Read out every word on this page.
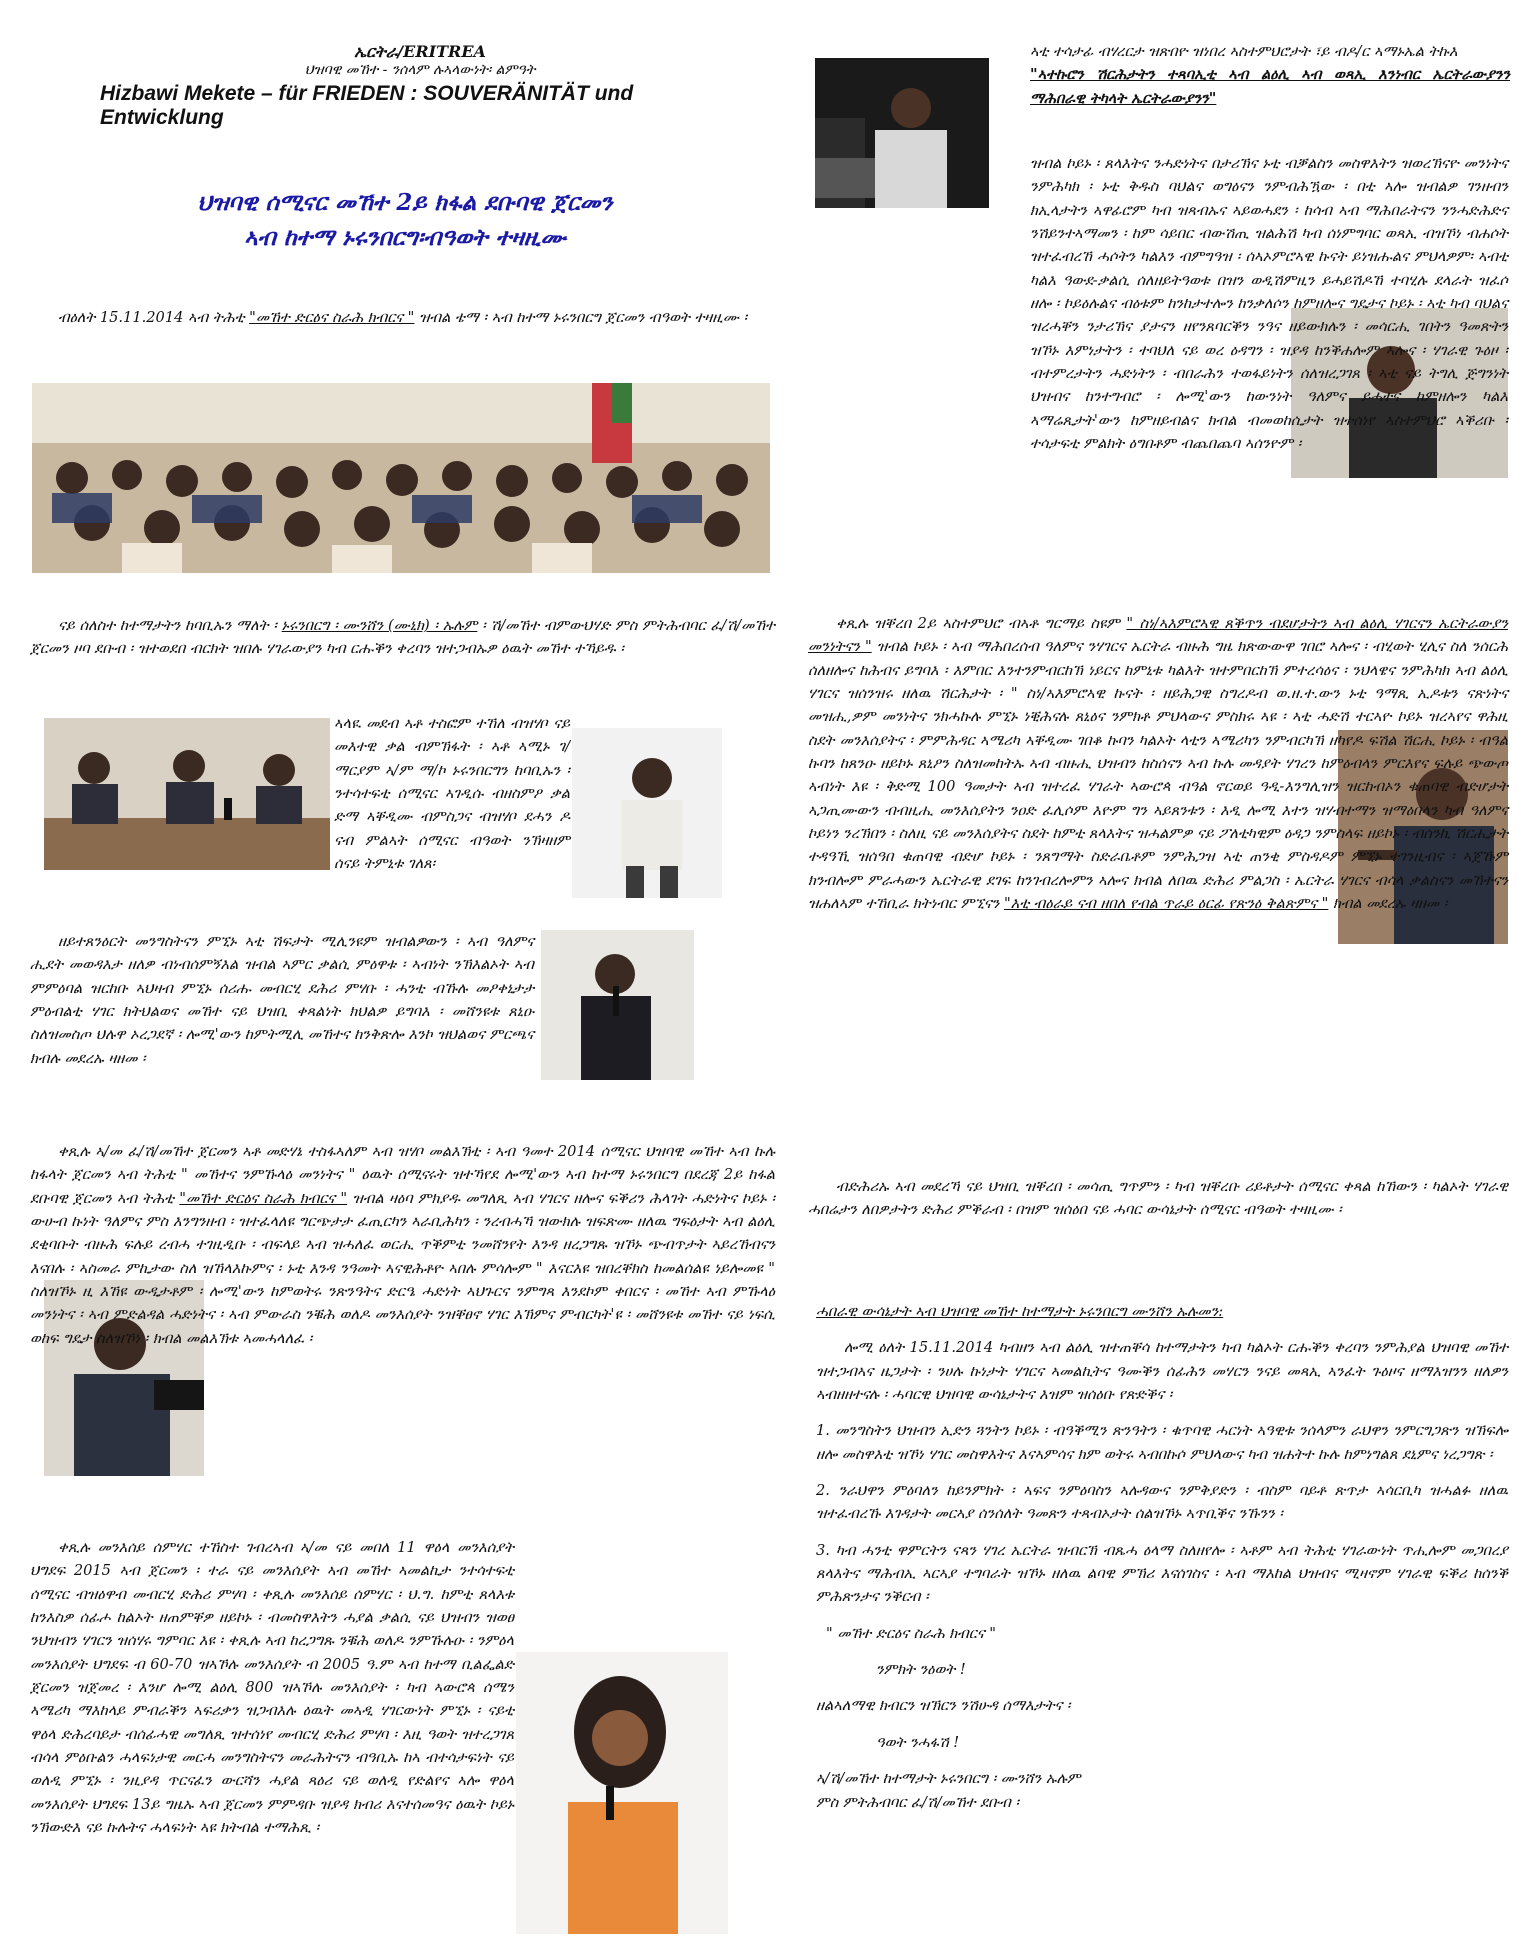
ኤርትራ/ERITREA
ህዝባዊ መኸተ - ንሰላም ሉኣላውነት፡ ልምዓት
Hizbawi Mekete – für FRIEDEN : SOUVERÄNITÄT und Entwicklung
ህዝባዊ ሰሚናር መኸተ 2ይ ክፋል ደቡባዊ ጀርመን
ኣብ ከተማ ኑሩንበርግ፡ብዓወት ተዛዚሙ

ብዕለት 15.11.2014 ኣብ ትሕቲ "መኸተ ድርዕና ስራሕ ክብርና " ዝብል ቴማ ፡ ኣብ ከተማ ኑሩንበርግ ጀርመን ብዓወት ተዛዚሙ ፡

ናይ ሰለስተ ከተማታትን ከባቢኡን ማለት ፡ ኑሩንበርግ ፡ ሙንሸን (ሙኒክ) ፡ ኡሉም ፡ ሽ/መኸተ ብምውህሃድ ምስ ምትሕብባር ፈ/ሽ/መኸተ ጀርመን ዞባ ደቡብ ፡ ዝተወደበ ብርክት ዝበሉ ሃገራውያን ካብ ርሑቕን ቀረባን ዝተጋብኡዎ ዕዉት መኸተ ተኻይዱ ፡

ኣላዪ መደብ ኣቶ ተስፎም ተኸለ ብዝሃቦ ናይ መእተዊ ቃል ብምኽፋት ፡ ኣቶ ኣሚኑ ገ/ማርያም ኣ/ም ማ/ኮ ኑሩንበርግን ከባቢኡን ፡ ንተሳተፍቲ ሰሚናር ኣገዲሱ ብዘስምዖ ቃል ድማ ኣቐዲሙ ብምስጋና ብዝሃቦ ደሓን ዶ ናብ ምልኣት ሰሚናር ብዓወት ንኽዛዘም ሰናይ ትምኒቱ ገለጸ፡

ዘይተጸንዕርት መንግስትናን ምኚኑ ኣቲ ሽፍታት ሚሊንዩም ዝብልዎውን ፡ ኣብ ዓለምና ሒደት መወዳእታ ዘለዎ ብነብሰምኝእል ዝብል ኣምር ቃልሲ ምዕዋቱ ፡ ኣብነት ንኽእልኦት ኣብ ምምዕባል ዝርከቡ ኣህዛብ ምኚኑ ሰሪሑ መብርሂ ደሕሪ ምሃቡ ፡ ሓንቲ ብኹሉ መዖቀኒታታ ምዕብልቲ ሃገር ክትህልወና መኸተ ናይ ህዝቢ ቀጻልነት ክህልዎ ይግባእ ፡ መሸንዩቱ ጸኒዑ ስለዝመስጦ ህሉዋ ኦረጋደኛ ፡ ሎሚ'ውን ከምትሚሊ መኸተና ከንቅጽሎ እንኮ ዝህልወና ምርጫና ክብሉ መደረኡ ዛዘመ ፡

ቀጺሉ ኣ/መ ፈ/ሽ/መኸተ ጀርመን ኣቶ መድሃኔ ተስፋኣለም ኣብ ዝሃቦ መልእኽቲ ፡ ኣብ ዓመተ 2014 ሰሚናር ህዝባዊ መኸተ ኣብ ኩሉ ከፋላት ጀርመን ኣብ ትሕቲ " መኸተና ንምኹላዕ መንነትና " ዕዉት ሰሚናሩት ዝተኻየደ ሎሚ'ውን ኣብ ከተማ ኑሩንበርግ በደረጃ 2ይ ከፋል ደቡባዊ ጀርመን ኣብ ትሕቲ "መኸተ ድርዕና ስራሕ ክብርና " ዝብል ዛዕባ ምክያዱ መግለጺ ኣብ ሃገርና ዘሎና ፍቕሪን ሕላገት ሓድነትና ኮይኑ ፡ ውሁብ ኩነት ዓለምና ምስ እንግንዘብ ፡ ዝተፈላለዩ ግርጭታታ ፈጢርካን ኣራቢሕካን ፡ ንረብሓኻ ዝውክሉ ዝፍጽሙ ዘለዉ ግፍዕታት ኣብ ልዕሊ ደቂባቡት ብዙሕ ፍሉይ ረብሓ ተገዚዲቡ ፡ ብፍላይ ኣብ ዝሓለፈ ወርሒ ጥቕምቲ ንመሸንየት እንዳ ዘረጋግጹ ዝኾኑ ጭብጥታት ኣይረኸብናን እናበሉ ፡ ኣስመራ ምኪታው ስለ ዝኸላእኩምና ፡ ኑቲ እንዳ ንዓመት ኣናዊሕቶዮ ኣበሉ ምሳሎም " እናርእዩ ዝበረቐክስ ከመልሰልዩ ነይሎመዩ " ስለዝኾኑ ዚ እኸዩ ውዲታቶም ፡ ሎሚ'ውን ከምወትሩ ንጽንዓትና ድርዔ ሓድነት ኣህጉርና ንምግጻ እንደኮም ቀበርና ፡ መኸተ ኣብ ምኹላዕ መንነትና ፡ ኣብ ምድልዳል ሓድነትና ፡ ኣብ ምውራስ ንቑሕ ወለዶ መንእሰያት ንዝቐፀኖ ሃገር እኽምና ምብርካት'ዩ ፡ መሸንዩቱ መኸተ ናይ ነፍሲ ወከፍ ግዴታ ስለዝኾነ ፡ ክብል መልእኽቱ ኣመሓላለፈ ፡

ቀጺሉ መንእሰይ ሰምሃር ተኸስተ ገብረኣብ ኣ/መ ናይ መበለ 11 ዋዕላ መንእሰያት ህግደፍ 2015 ኣብ ጀርመን ፡ ተራ ናይ መንእሰያት ኣብ መኸተ ኣመልኪታ ንተሳተፍቲ ሰሚናር ብዝዕዋብ መብርሂ ድሕሪ ምሃባ ፡ ቀጺሉ መንእሰይ ሰምሃር ፡ ህ.ግ. ከምቲ ጸላእቱ ከንእስዎ ሰፊሖ ከልኦት ዘጠምቐዎ ዘይኮኑ ፡ ብመስዋእትን ሓያል ቃልሲ ናይ ህዝብን ዝወፀ ንህዝብን ሃገርን ዝሰሃሩ ግምባር እዩ ፡ ቀጺሉ ኣብ ከረጋግጹ ንቑሕ ወለዶ ንምኹሉዑ ፡ ንምዕላ መንእሰያት ህግደፍ ብ 60-70 ዝኣኾሉ መንእሰያት ብ 2005 ዓ.ም ኣብ ከተማ ቢልፌልድ ጀርመን ዝጀመረ ፡ እንሆ ሎሚ ልዕሊ 800 ዝኣኾሉ መንእሰያት ፡ ካብ ኣውሮጳ ሰሜን ኣሜሪካ ማእከላይ ምብራቕን ኣፍሪቃን ዝጋብእሉ ዕዉት መኣዲ ሃገርውነት ምኚኑ ፡ ናይቲ ዋዕላ ድሕረባይታ ብሰፊሓዊ መግለጺ ዝተሰነየ መብርሂ ድሕሪ ምሃባ ፡ እዚ ዓወት ዝተረጋገጸ ብሳላ ምዕቡልን ሓላፍነታዊ መርሓ መንግስትናን መራሕትናን ብዓቢኡ ከኣ ብተሳታፍነት ናይ ወለዲ ምኚኑ ፡ ንዚያዳ ጥርናፈን ውርሻን ሓያል ጻዕሪ ናይ ወለዲ የድልየና ኣሎ ዋዕላ መንእሰያት ህግደፍ 13ይ ግዜኡ ኣብ ጀርመን ምምዳቡ ዝያዳ ክብሪ እናተሰመዓና ዕዉት ኮይኑ ንኽውድእ ናይ ኩሉትና ሓላፍነት ኣዩ ክትብል ተማሕጺ ፡

ኣቲ ተሳታፊ ብሃረርታ ዝጽበዮ ዝነበረ ኣስተምህሮታት ፣ይ ብዶ/ር ኣማኑኤል ትኩእ

"ኣተኩሮን ሽርሕታትን ተጻባኢቲ ኣብ ልዕሊ ኣብ ወጻኢ እንነብር ኤርትራውያንን ማሕበራዊ ትካላት ኤርትራውያንን"

ዝብል ኮይኑ ፡ ጸላእትና ንሓድነትና በታሪኽና ኑቲ ብቓልስን መስዋእትን ዝወረኽናዮ መንነትና ንምሕካክ ፡ ኑቲ ቅዱስ ባህልና ወግዕናን ንምብሕዃው ፡ በቲ ኣሎ ዝብልዎ ገንዘብን ክኢላታትን ኣዋፊሮም ካብ ዝጻብኡና ኣይወሓደን ፡ ከሳብ ኣብ ማሕበራትናን ንንሓድሕድና ንሽይንተኣማመን ፡ ከም ሳይበር ብውሽጢ ዝልሕሽ ካብ ሰነምግባር ወጻኢ ብዝኾነ ብሐሶት ዝተፈብረኸ ሓሶትን ካልእን ብምግዓዝ ፡ ሰኣኦምሮኣዊ ኩናት ይነዝሑልና ምህላዎም፡ ኣብቲ ካልእ ዓውደ-ቃልሲ ሰለዘይትዓወቱ በዝን ወዲሽምዚን ይሓይሽዶኸ ተባሂሉ ደላራት ዝፈሶ ዘሎ ፡ ኮይዕሉልና ብዕቱም ከንከታተሎን ከንቃለሶን ከምዘሎና ግዴታና ኮይኑ ፡ ኣቲ ካብ ባህልና ዝረሓቐን ንታሪኽና ያታናን ዘየንጸባርቕን ንዓና ዘይውክሉን ፡ መሳርሒ ገበትን ዓመጽትን ዝኾኑ እምነታትን ፡ ተባህለ ናይ ወረ ዕዳግን ፡ ዝያዳ ከንቕሐሎም ኣሎና ፡ ሃገራዊ ጉዕዞ ፡ ብተምረታትን ሓድነትን ፡ ብበራሕን ተወፋይነትን ሰለዝረጋገጸ ፡ ኣቲ ናይ ትግሊ ጅግንነት ህዝብና ከንተግብሮ ፡ ሎሚ'ውን ከውንነት ዓለምና ይሓተና ከምዘሎን ካልእ ኣማሬጺታት'ውን ከምዘይብልና ክብል ብመወከሲታት ዝተሰነየ ኣስተምህሮ ኣቕሪቡ ፡ ተሳታፍቲ ምልክት ዕግበቶም ብጨበጨባ ኣሰንዮም ፡

ቀጺሉ ዝቐረበ 2ይ ኣስተምህሮ ብኣቶ ግርማይ ስዩም " ስነ/ኣእምሮኣዊ ጸቕጥን ብደሆታትን ኣብ ልዕሊ ሃገርናን ኤርትራውያን መንነትናን " ዝብል ኮይኑ ፡ ኣብ ማሕበረሰብ ዓለምና ንሃገርና ኤርትራ ብዙሕ ግዜ ክጽውውዋ ገበሮ ኣሎና ፡ ብሂወት ሂሊና ስለ ንሰርሕ ሰለዘሎና ከሕብና ይግባእ ፡ እምበር እንተንምብርከኽ ነይርና ከምኒቱ ካልእት ዝተምበርከኽ ምተረሳዕና ፡ ንህላዌና ንምሕካክ ኣብ ልዕሊ ሃገርና ዝሰንዝሩ ዘለዉ ሽርሕታት ፡ " ስነ/ኣእምሮኣዊ ኩናት ፡ ዘይሕጋዊ ስግረዶብ ወ.ዘ.ተ.ውን ኑቲ ዓማጺ ኢዶቱን ናጽነትና መዝሒ,ዎም መንነትና ንክሓኩሉ ምኚኑ ነቒሕናሉ ጸኒዕና ንምክቶ ምህላውና ምስክሩ ኣዩ ፡ ኣቲ ሓድሽ ተርኣዮ ኮይኑ ዝረኣየና ዋሕዚ ስደት መንእሰያትና ፡ ምምሕዳር ኣሜሪካ ኣቐዲሙ ገበቆ ኩባን ካልኦት ላቲን ኣሜሪካን ንምብርካኽ ዘካየዶ ፍሽል ሽርሒ ኮይኑ ፡ ብዓል ኩባን ከጸንዑ ዘይኮኑ ጸኒዖን ስለዝመከትኡ ኣብ ብዙሒ ህዝብን ከስሰናን ኣብ ኩሉ መዳያት ሃገረን ከምዕብላን ምርእየና ፍሉይ ጭውጦ ኣብነት እዩ ፡ ቅድሚ 100 ዓመታት ኣብ ዝተረፈ ሃገራት ኣውሮጳ ብዓል ኖርወይ ዓዲ-እንግሊዝን ዝርከብኦን ቁጠባዊ ብድሆታት ኣጋጢሙውን ብብዚሒ መንእሰያትን ንዐድ ፈሊሶም እዮም ግን ኣይጸንቱን ፡ እዲ ሎሚ እተን ዝሃብተማን ዝማዕበላን ካብ ዓለምና ኮይነን ንረኽበን ፡ ስለዚ ናይ መንእሰያትና ስደት ከምቲ ጸላእትና ዝሓልምዎ ናይ ፖለቲካዊም ዕዳጋ ንምስላፍ ዘይኮኑ ፡ ብሰንኪ ሽርሒታት ተዳዓኺ ዝሰዓበ ቁጠባዊ ብድሆ ኮይኑ ፡ ንጸግማት ስድራቤቶም ንምሕጋዝ ኣቲ ጠንቂ ምስዳዶም ምኚኑ ተገንዚብና ፡ ኣጀኹም ክንብሎም ምራሓውን ኤርትራዊ ደገፍ ከንገብረሎምን ኣሎና ክብል ለበዉ ድሕሪ ምልጋስ ፡ ኤርትራ ሃገርና ብሳላ ቃልስናን መኸተናን ዝሐለኣም ተኸቢራ ክትነብር ምኚናን "እቲ ብዕራይ ናብ ዘበለ የብል ጥራይ ዕርፊ የጽንዕ ቅልጽምና " ክብል መደረኡ ዛዘመ ፡

ብድሕሪኡ ኣብ መደረኻ ናይ ህዝቢ ዝቐረበ ፡ መሳጢ ግጥምን ፡ ካብ ዝቐረቡ ሪይቶታት ሰሚናር ቀጻል ከኸውን ፡ ካልኦት ሃገራዊ ሓበሬታን ለበዎታትን ድሕሪ ምቕራብ ፡ በዝም ዝሰዕበ ናይ ሓባር ውሳኔታት ሰሚናር ብዓወት ተዛዚሙ ፡

ሓበራዊ ውሳኔታት ኣብ ህዝባዊ መኸተ ከተማታት ኑሩንበርግ ሙንሸን ኡሉመን:

ሎሚ ዕለት 15.11.2014 ካብዘን ኣብ ልዕሊ ዝተጠቐሳ ከተማታትን ካብ ካልኦት ርሑቕን ቀረባን ንምሕያል ህዝባዊ መኸተ ዝተጋብኣና ዜጋታት ፡ ንሀሉ ኩነታት ሃገርና ኣመልኪትና ዓሙቕን ሰፊሕን መሃርን ንናይ መጻኢ ኣንፈት ጉዕዞና ዘማእዝንን ዘለዎን ኣብዘዘተናሉ ፡ ሓባርዊ ህዝባዊ ውሳኔታትና እዝም ዝሰዕቡ የጽድቕና ፡

1. መንግስትን ህዝብን ኢድን ጓንትን ኮይኑ ፡ ብዓቕሚን ጽንዓትን ፡ ቁጥባዊ ሓርነት ኣዓዊቱ ንሰላምን ራህዋን ንምርግጋጽን ዝኽፍሎ ዘሎ መስዋእቲ ዝኾነ ሃገር መስዋእትና እናኣምሳና ክም ወትሩ ኣብበኩሶ ምህላውና ካብ ዝሐትተ ኩሉ ከምነግልጸ ደኒምና ነረጋግጽ ፡

2. ንራህዋን ምዕባለን ከይንምክት ፡ ኣፍና ንምዕባስን ኣሉዳውና ንምቅያድን ፡ ብስም ባይቶ ጽጥታ ኣሳርቢካ ዝሓልፉ ዘለዉ ዝተፈብረኹ እገዳታት መርኣያ ሰንሰለት ዓመጽን ተጻብኦታት ሰልዝኾኑ ኣጥቢቕና ንኹንን ፡

3. ካብ ሓንቲ ዋምርትን ናጻን ሃገረ ኤርትራ ዝብርኽ ብጼሓ ዕላማ ስለዘየሎ ፡ ኣቶም ኣብ ትሕቲ ሃገራውነት ጥሒሎም መጋበረያ ጸላእትና ማሕብኢ ኣርኣያ ተግባራት ዝኾኑ ዘለዉ ልባዊ ምኽሪ እናሰገስና ፡ ኣብ ማእከል ህዝብና ሚዛኖም ሃገራዊ ፍቕሪ ከሰንቕ ምሕጽንታና ንቕርብ ፡

" መኸተ ድርዕና ስራሕ ክብርና "

ንምክት ንዕወት !

ዘልኣለማዊ ክብርን ዝኽርን ንሽሁዳ ሰማእታትና ፡

ዓወት ንሓፋሽ !

ኣ/ሽ/መኸተ ከተማታት ኑሩንበርግ ፡ ሙንሸን ኡሉም

ምስ ምትሕብባር ፈ/ሽ/መኸተ ደቡብ ፡
